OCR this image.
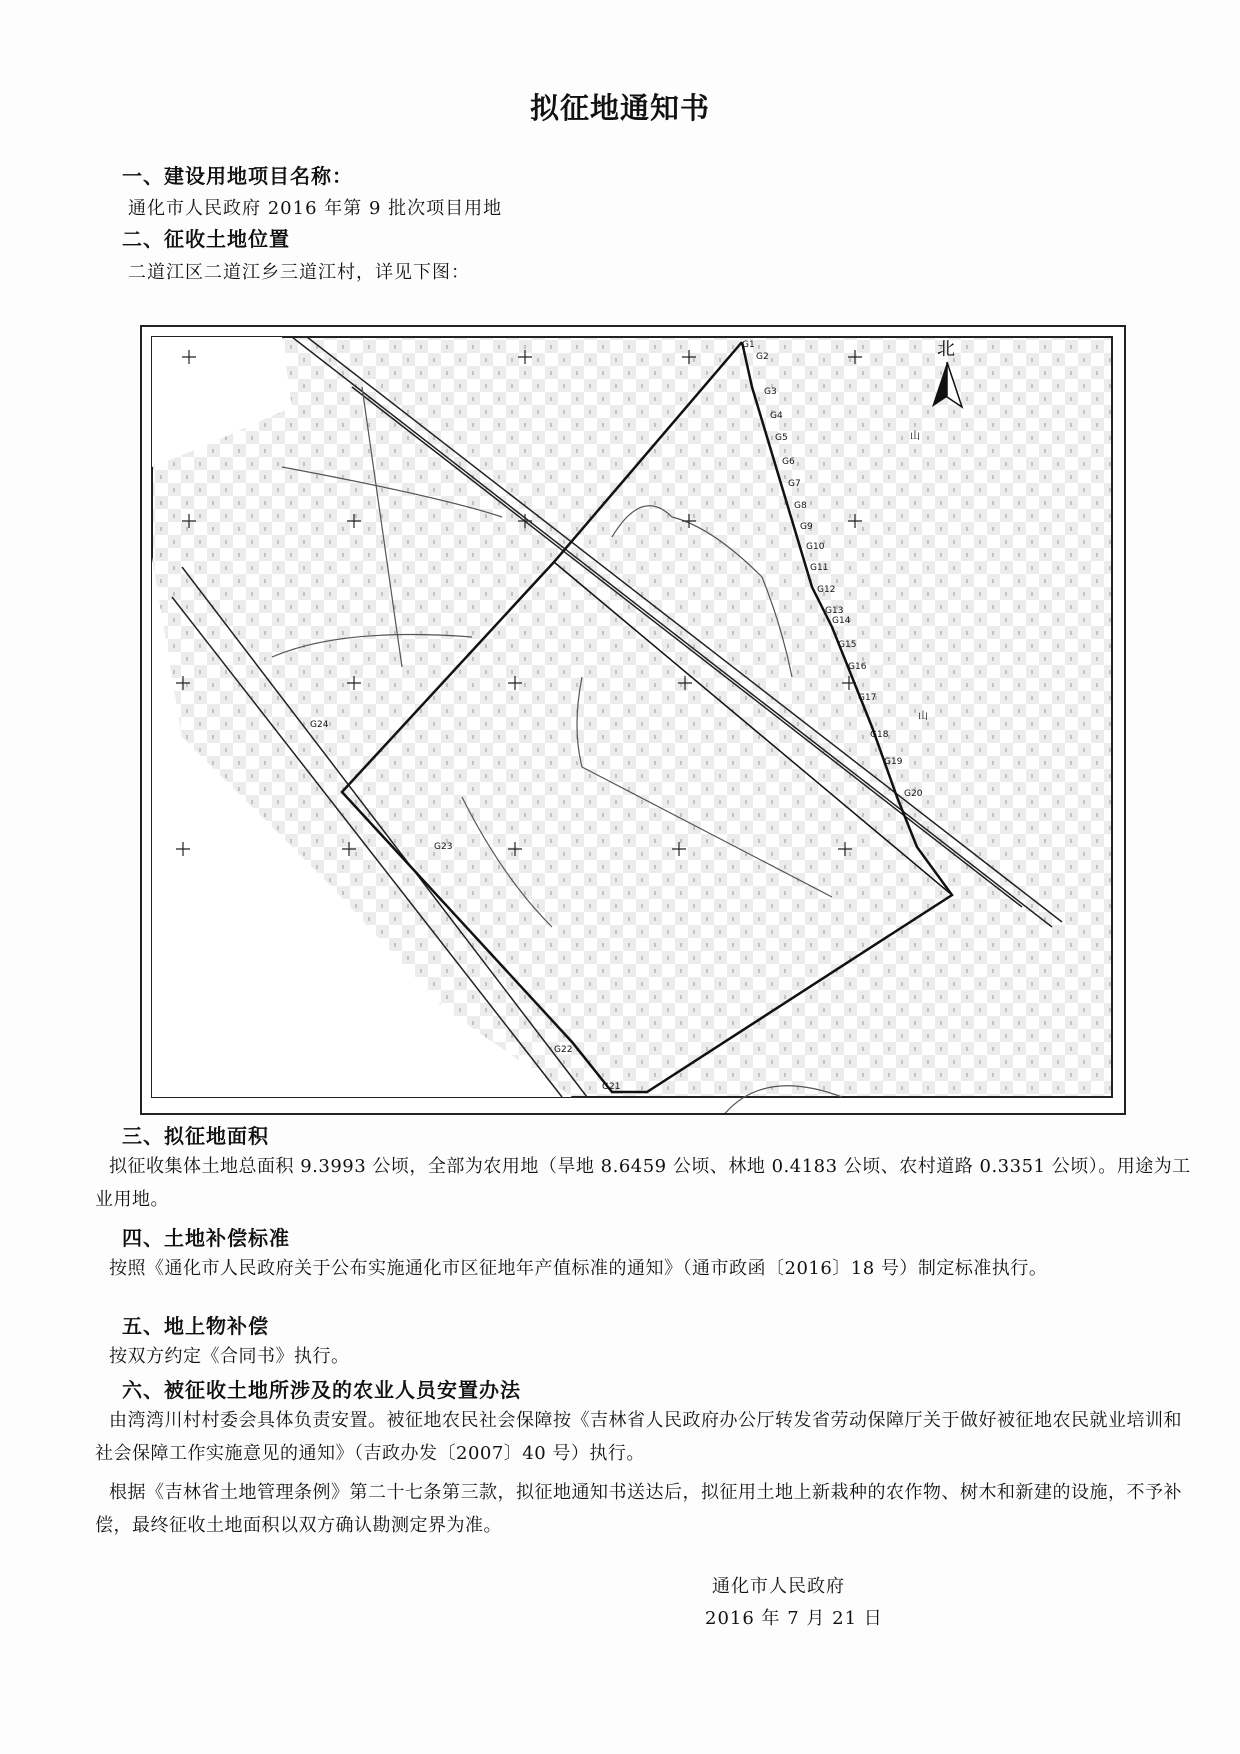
拟征地通知书
一、建设用地项目名称：
通化市人民政府 2016 年第 9 批次项目用地
二、征收土地位置
二道江区二道江乡三道江村，详见下图：
北
山
山
G1
G2
G3
G4
G5
G6
G7
G8
G9
G10
G11
G12
G13
G14
G15
G16
G17
G18
G19
G20
G21
G22
G23
G24
三、拟征地面积

拟征收集体土地总面积 9.3993 公顷，全部为农用地（旱地 8.6459 公顷、林地 0.4183 公顷、农村道路 0.3351 公顷）。用途为工业用地。

四、土地补偿标准

按照《通化市人民政府关于公布实施通化市区征地年产值标准的通知》（通市政函〔2016〕18 号）制定标准执行。

五、地上物补偿

按双方约定《合同书》执行。

六、被征收土地所涉及的农业人员安置办法

由湾湾川村村委会具体负责安置。被征地农民社会保障按《吉林省人民政府办公厅转发省劳动保障厅关于做好被征地农民就业培训和社会保障工作实施意见的通知》（吉政办发〔2007〕40 号）执行。

根据《吉林省土地管理条例》第二十七条第三款，拟征地通知书送达后，拟征用土地上新栽种的农作物、树木和新建的设施，不予补偿，最终征收土地面积以双方确认勘测定界为准。

通化市人民政府
2016 年 7 月 21 日
